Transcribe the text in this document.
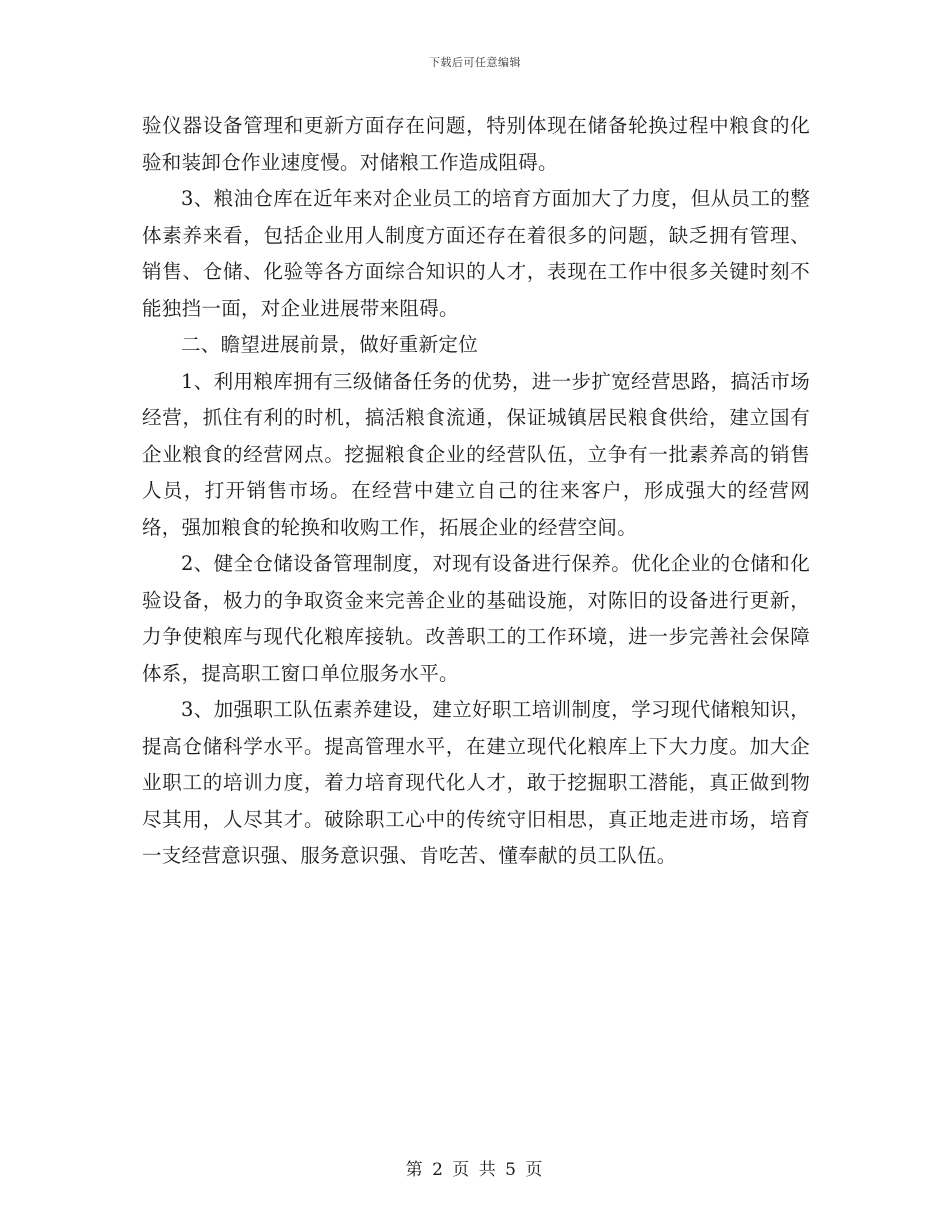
下载后可任意编辑

验仪器设备管理和更新方面存在问题，特别体现在储备轮换过程中粮食的化验和装卸仓作业速度慢。对储粮工作造成阻碍。

3、粮油仓库在近年来对企业员工的培育方面加大了力度，但从员工的整体素养来看，包括企业用人制度方面还存在着很多的问题，缺乏拥有管理、销售、仓储、化验等各方面综合知识的人才，表现在工作中很多关键时刻不能独挡一面，对企业进展带来阻碍。

二、瞻望进展前景，做好重新定位

1、利用粮库拥有三级储备任务的优势，进一步扩宽经营思路，搞活市场经营，抓住有利的时机，搞活粮食流通，保证城镇居民粮食供给，建立国有企业粮食的经营网点。挖掘粮食企业的经营队伍，立争有一批素养高的销售人员，打开销售市场。在经营中建立自己的往来客户，形成强大的经营网络，强加粮食的轮换和收购工作，拓展企业的经营空间。

2、健全仓储设备管理制度，对现有设备进行保养。优化企业的仓储和化验设备，极力的争取资金来完善企业的基础设施，对陈旧的设备进行更新，力争使粮库与现代化粮库接轨。改善职工的工作环境，进一步完善社会保障体系，提高职工窗口单位服务水平。

3、加强职工队伍素养建设，建立好职工培训制度，学习现代储粮知识，提高仓储科学水平。提高管理水平，在建立现代化粮库上下大力度。加大企业职工的培训力度，着力培育现代化人才，敢于挖掘职工潜能，真正做到物尽其用，人尽其才。破除职工心中的传统守旧相思，真正地走进市场，培育一支经营意识强、服务意识强、肯吃苦、懂奉献的员工队伍。

第 2 页 共 5 页
